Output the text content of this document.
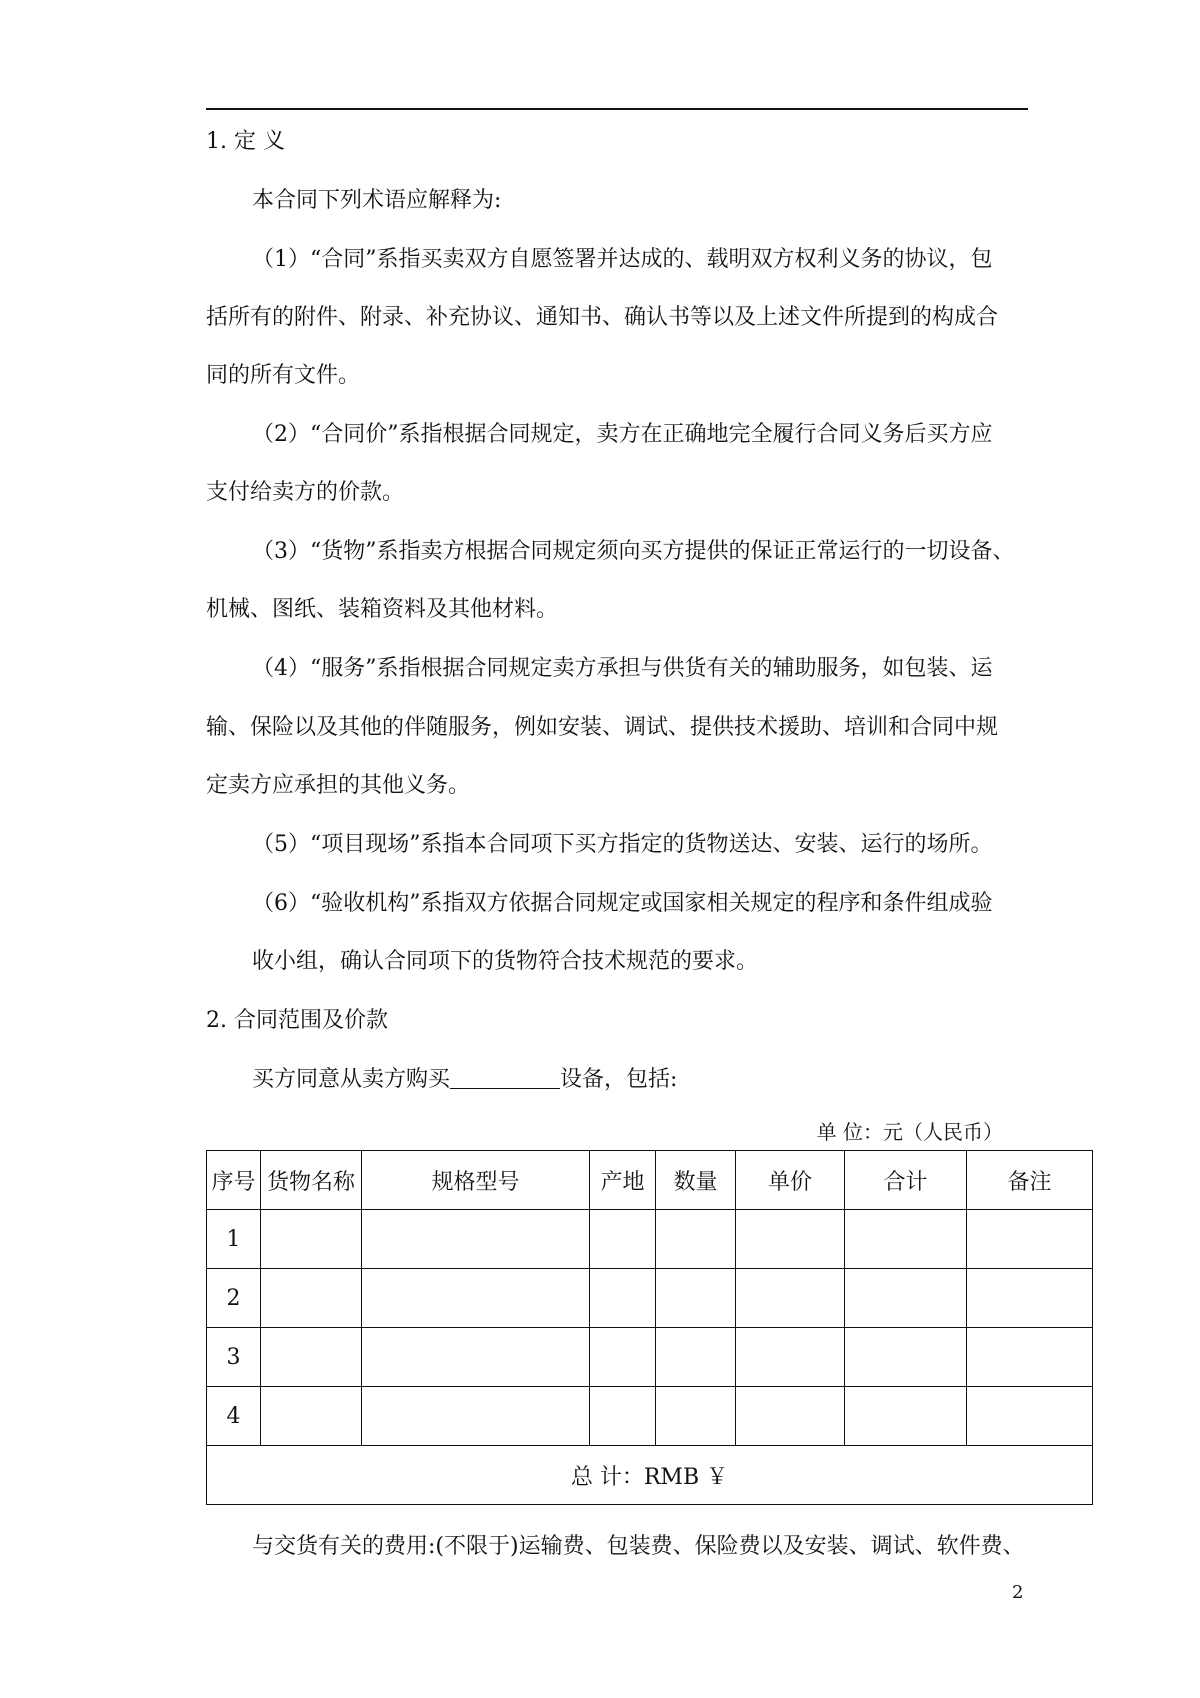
1. 定 义
本合同下列术语应解释为:
（1）“合同”系指买卖双方自愿签署并达成的、载明双方权利义务的协议，包
括所有的附件、附录、补充协议、通知书、确认书等以及上述文件所提到的构成合
同的所有文件。
（2）“合同价”系指根据合同规定，卖方在正确地完全履行合同义务后买方应
支付给卖方的价款。
（3）“货物”系指卖方根据合同规定须向买方提供的保证正常运行的一切设备、
机械、图纸、装箱资料及其他材料。
（4）“服务”系指根据合同规定卖方承担与供货有关的辅助服务，如包装、运
输、保险以及其他的伴随服务，例如安装、调试、提供技术援助、培训和合同中规
定卖方应承担的其他义务。
（5）“项目现场”系指本合同项下买方指定的货物送达、安装、运行的场所。
（6）“验收机构”系指双方依据合同规定或国家相关规定的程序和条件组成验
收小组，确认合同项下的货物符合技术规范的要求。
2. 合同范围及价款
买方同意从卖方购买	设备，包括:
单 位：元（人民币）
序号	货物名称	规格型号	产地	数量	单价	合计	备注
1							
2							
3							
4							
总 计：RMB ￥							
与交货有关的费用:(不限于)运输费、包装费、保险费以及安装、调试、软件费、
2
